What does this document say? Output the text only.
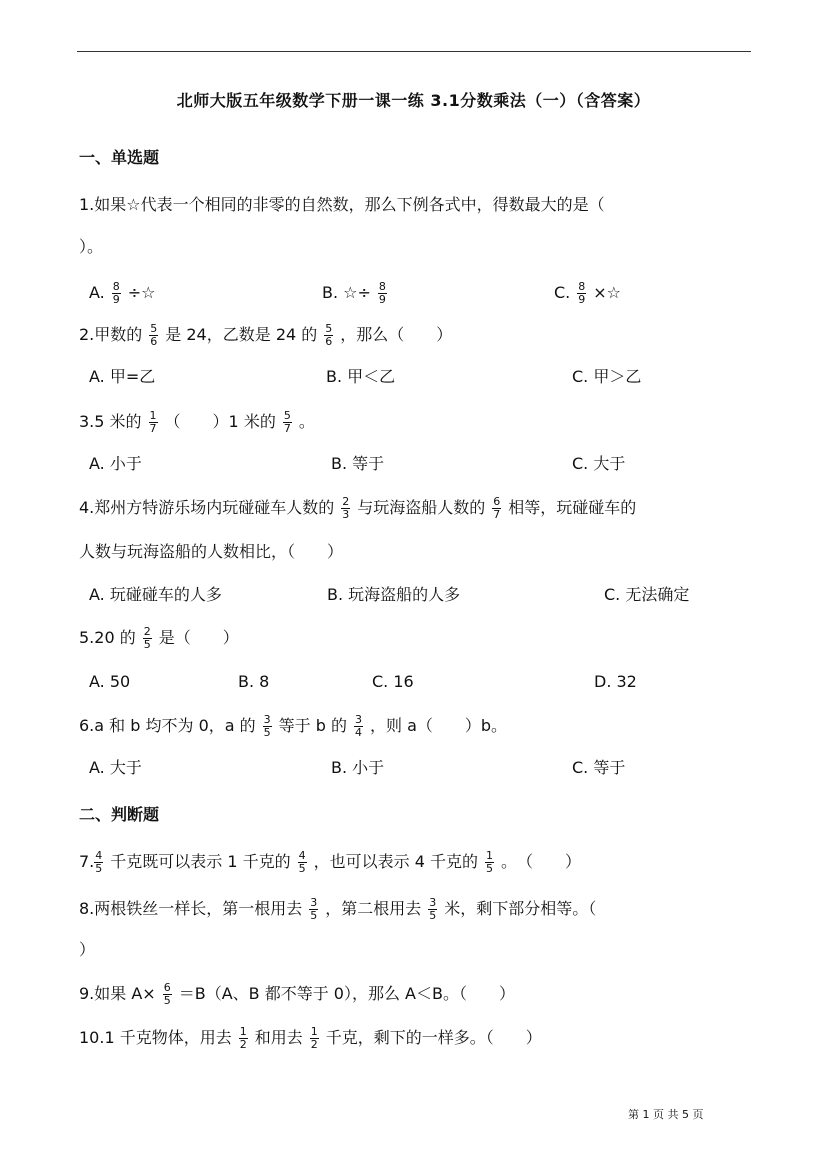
北师大版五年级数学下册一课一练 3.1分数乘法（一）（含答案）
一、单选题
1.如果☆代表一个相同的非零的自然数，那么下例各式中，得数最大的是（
）。
A. $\frac{8}{9}$ ÷☆	B. ☆÷ $\frac{8}{9}$	C. $\frac{8}{9}$ ×☆
2.甲数的 $\frac{5}{6}$ 是 24，乙数是 24 的 $\frac{5}{6}$ ，那么（　　）
A. 甲=乙	B. 甲＜乙	C. 甲＞乙
3.5 米的 $\frac{1}{7}$ （　　）1 米的 $\frac{5}{7}$ 。
A. 小于	B. 等于	C. 大于
4.郑州方特游乐场内玩碰碰车人数的 $\frac{2}{3}$ 与玩海盗船人数的 $\frac{6}{7}$ 相等，玩碰碰车的
人数与玩海盗船的人数相比，（　　）
A. 玩碰碰车的人多	B. 玩海盗船的人多	C. 无法确定
5.20 的 $\frac{2}{5}$ 是（　　）
A. 50	B. 8	C. 16	D. 32
6.a 和 b 均不为 0，a 的 $\frac{3}{5}$ 等于 b 的 $\frac{3}{4}$ ，则 a（　　）b。
A. 大于	B. 小于	C. 等于
二、判断题
7. $\frac{4}{5}$ 千克既可以表示 1 千克的 $\frac{4}{5}$ ，也可以表示 4 千克的 $\frac{1}{5}$ 。　（　　）
8.两根铁丝一样长，第一根用去 $\frac{3}{5}$ ，第二根用去 $\frac{3}{5}$ 米，剩下部分相等。（
）
9.如果 $A\times \frac{6}{5} =B(A$、B 都不等于 0），那么 A＜B。（　　）
10.1 千克物体，用去 $\frac{1}{2}$ 和用去 $\frac{1}{2}$ 千克，剩下的一样多。（　　）
第 1 页 共 5 页
